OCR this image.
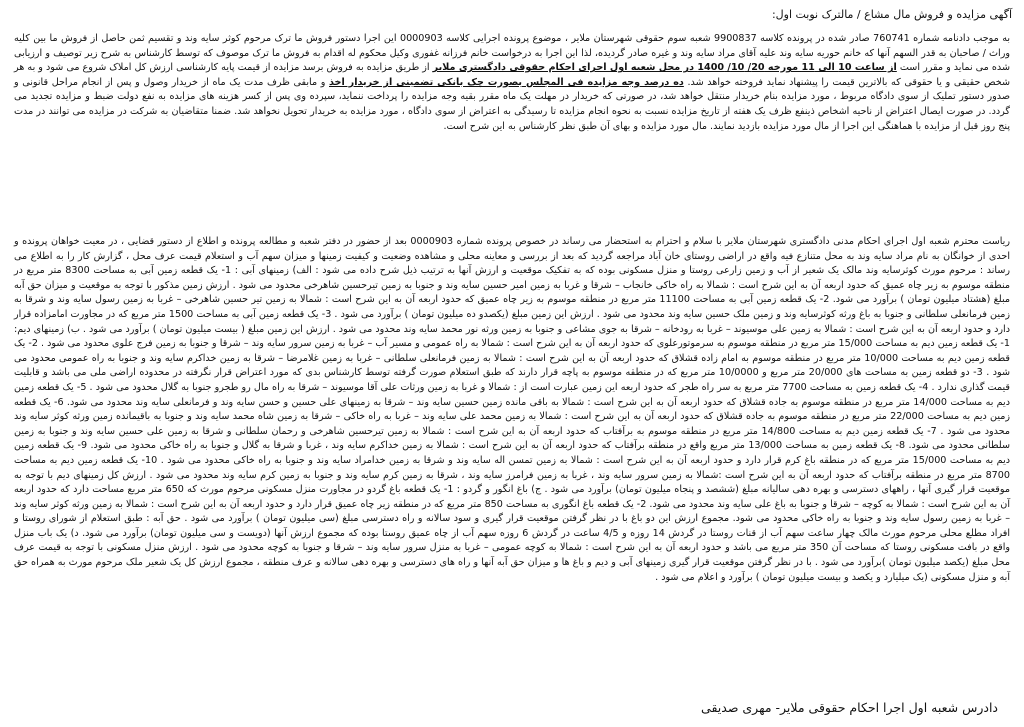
آگهی مزایده و فروش مال مشاع / مالترک نوبت اول:

به موجب دادنامه شماره 760741 صادر شده در پرونده کلاسه 9900837 شعبه سوم حقوقی شهرستان ملایر ، موضوع پرونده اجرایی کلاسه 0000903 این اجرا دستور فروش ما ترک مرحوم کوثر سایه وند و تقسیم ثمن حاصل از فروش ما بین کلیه وراث / صاحبان به قدر السهم آنها که خانم حوریه سایه وند علیه آقای مراد سایه وند و غیره صادر گردیده، لذا این اجرا به درخواست خانم فرزانه غفوری وکیل محکوم له اقدام به فروش ما ترک موصوف که توسط کارشناس به شرح زیر توصیف و ارزیابی شده می نماید و مقرر است از ساعت 10 الی 11 مورخه 20/ 10/ 1400 در محل شعبه اول اجرای احکام حقوقی دادگستری ملایر از طریق مزایده به فروش برسد مزایده از قیمت پایه کارشناسی ارزش کل املاک شروع می شود و به هر شخص حقیقی و یا حقوقی که بالاترین قیمت را پیشنهاد نماید فروخته خواهد شد. ده درصد وجه مزایده فی المجلس بصورت چک بانکی تضمینی از خریدار اخذ و مابقی ظرف مدت یک ماه از خریدار وصول و پس از انجام مراحل قانونی و صدور دستور تملیک از سوی دادگاه مربوط ، مورد مزایده بنام خریدار منتقل خواهد شد، در صورتی که خریدار در مهلت یک ماه مقرر بقیه وجه مزایده را پرداخت ننماید، سپرده وی پس از کسر هزینه های مزایده به نفع دولت ضبط و مزایده تجدید می گردد. در صورت ایصال اعتراض از ناحیه اشخاص ذینفع ظرف یک هفته از تاریخ مزایده نسبت به نحوه انجام مزایده تا رسیدگی به اعتراض از سوی دادگاه ، مورد مزایده به خریدار تحویل نخواهد شد. ضمنا متقاضیان به شرکت در مزایده می توانند در مدت پنج روز قبل از مزایده با هماهنگی این اجرا از مال مورد مزایده بازدید نمایند. مال مورد مزایده و بهای آن طبق نظر کارشناس به این شرح است.

ریاست محترم شعبه اول اجرای احکام مدنی دادگستری شهرستان ملایر با سلام و احترام به استحضار می رساند در خصوص پرونده شماره 0000903 بعد از حضور در دفتر شعبه و مطالعه پرونده و اطلاع از دستور قضایی ، در معیت خواهان پرونده و احدی از خوانگان به نام مراد سایه وند به محل متنازع فیه واقع در اراضی روستای خان آباد مراجعه گردید که بعد از بررسی و معاینه محلی و مشاهده وضعیت و کیفیت زمینها و میزان سهم آب و استعلام قیمت عرف محل ، گزارش کار را به اطلاع می رساند : مرحوم مورث کوثرسایه وند مالک یک شعیر از آب و زمین زارعی روستا و منزل مسکونی بوده که به تفکیک موقعیت و ارزش آنها به ترتیب ذیل شرح داده می شود : الف) زمینهای آبی : 1- یک قطعه زمین آبی به مساحت 8300 متر مربع در منطقه موسوم به زیر چاه عمیق که حدود اربعه آن به این شرح است : شمالا به راه خاکی خانجاب – شرقا و غربا به زمین امیر حسین سایه وند و جنوبا به زمین تیرحسین شاهرخی محدود می شود . ارزش زمین مذکور با توجه به موقعیت و میزان حق آبه مبلغ (هشتاد میلیون تومان ) برآورد می شود. 2- یک قطعه زمین آبی به مساحت 11100 متر مربع در منطقه موسوم به زیر چاه عمیق که حدود اربعه آن به این شرح است : شمالا به زمین تیر حسین شاهرخی – غربا به زمین رسول سایه وند و شرقا به زمین فرمانعلی سلطانی و جنوبا به باغ ورثه کوثرسایه وند و زمین ملک حسین سایه وند محدود می شود . ارزش این زمین مبلغ (یکصدو ده میلیون تومان ) برآورد می شود . 3- یک قطعه زمین آبی به مساحت 1500 متر مربع که در مجاورت امامزاده قرار دارد و حدود اربعه آن به این شرح است : شمالا به زمین علی موسیوند – غربا به رودخانه – شرقا به جوی مشاعی و جنوبا به زمین ورثه نور محمد سایه وند محدود می شود . ارزش این زمین مبلغ ( بیست میلیون تومان ) برآورد می شود . ب) زمینهای دیم: 1- یک قطعه زمین دیم به مساحت 15/000 متر مربع در منطقه موسوم به سرموتورعلوی که حدود اربعه آن به این شرح است : شمالا به راه عمومی و مسیر آب – غربا به زمین سرور سایه وند – شرقا و جنوبا به زمین فرج علوی محدود می شود . 2- یک قطعه زمین دیم به مساحت 10/000 متر مربع در منطقه موسوم به امام زاده قشلاق که حدود اربعه آن به این شرح است : شمالا به زمین فرمانعلی سلطانی – غربا به زمین غلامرضا – شرقا به زمین خداکرم سایه وند و جنوبا به راه عمومی محدود می شود . 3- دو قطعه زمین به مساحت های 20/000 متر مربع و 10/0000 متر مربع که در منطقه موسوم به پاچه قرار دارند که طبق استعلام صورت گرفته توسط کارشناس بدی که مورد اعتراض قرار نگرفته در محدوده اراضی ملی می باشد و قابلیت قیمت گذاری ندارد . 4- یک قطعه زمین به مساحت 7700 متر مربع به سر راه طجر که حدود اربعه این زمین عبارت است از : شمالا و غربا به زمین ورثات علی آقا موسیوند – شرقا به راه مال رو طجرو جنوبا به گلال محدود می شود . 5- یک قطعه زمین دیم به مساحت 14/000 متر مربع در منطقه موسوم به جاده قشلاق که حدود اربعه آن به این شرح است : شمالا به باقی مانده زمین حسین سایه وند – شرقا به زمینهای علی حسین و حسن سایه وند و فرمانعلی سایه وند محدود می شود. 6- یک قطعه زمین دیم به مساحت 22/000 متر مربع در منطقه موسوم به جاده قشلاق که حدود اربعه آن به این شرح است : شمالا به زمین محمد علی سایه وند – غربا به راه خاکی – شرقا به زمین شاه محمد سایه وند و جنوبا به باقیمانده زمین ورثه کوثر سایه وند محدود می شود . 7- یک قطعه زمین دیم به مساحت 14/800 متر مربع در منطقه موسوم به برآفتاب که حدود اربعه آن به این شرح است : شمالا به زمین تیرحسین شاهرخی و رحمان سلطانی و شرقا به زمین علی حسین سایه وند و جنوبا به زمین سلطانی محدود می شود. 8- یک قطعه زمین به مساحت 13/000 متر مربع واقع در منطقه برآفتاب که حدود اربعه آن به این شرح است : شمالا به زمین خداکرم سایه وند ، غربا و شرقا به گلال و جنوبا به راه خاکی محدود می شود. 9- یک قطعه زمین دیم به مساحت 15/000 متر مربع که در منطقه باغ کرم قرار دارد و حدود اربعه آن به این شرح است : شمالا به زمین تمسن اله سایه وند و شرقا به زمین خدامراد سایه وند و جنوبا به راه خاکی محدود می شود . 10- یک قطعه زمین دیم به مساحت 8700 متر مربع در منطقه برآفتاب که حدود اربعه آن به این شرح است :شمالا به زمین سرور سایه وند ، غربا به زمین فرامرز سایه وند ، شرقا به زمین کرم سایه وند و جنوبا به زمین کرم سایه وند محدود می شود . ارزش کل زمینهای دیم با توجه به موقعیت قرار گیری آنها ، راههای دسترسی و بهره دهی سالیانه مبلغ (ششصد و پنجاه میلیون تومان) برآورد می شود . ج) باغ انگور و گردو : 1- یک قطعه باغ گردو در مجاورت منزل مسکونی مرحوم مورث که 650 متر مربع مساحت دارد که حدود اربعه آن به این شرح است : شمالا به کوچه – شرقا و جنوبا به باغ علی سایه وند محدود می شود. 2- یک قطعه باغ انگوری به مساحت 850 متر مربع که در منطقه زیر چاه عمیق قرار دارد و حدود اربعه آن به این شرح است : شمالا به زمین ورثه کوثر سایه وند – غربا به زمین رسول سایه وند و جنوبا به راه خاکی محدود می شود. مجموع ارزش این دو باغ با در نظر گرفتن موقعیت قرار گیری و سود سالانه و راه دسترسی مبلغ (سی میلیون تومان ) برآورد می شود . حق آبه : طبق استعلام از شورای روستا و افراد مطلع محلی مرحوم مورث مالک چهار ساعت سهم آب از قنات روستا در گردش 14 روزه و 4/5 ساعت در گردش 6 روزه سهم آب از چاه عمیق روستا بوده که مجموع ارزش آنها (دویست و سی میلیون تومان) برآورد می شود. د) یک باب منزل واقع در بافت مسکونی روستا که مساحت آن 350 متر مربع می باشد و حدود اربعه آن به این شرح است : شمالا به کوچه عمومی – غربا به منزل سرور سایه وند – شرقا و جنوبا به کوچه محدود می شود . ارزش منزل مسکونی با توجه به قیمت عرف محل مبلغ (یکصد میلیون تومان )برآورد می شود . با در نظر گرفتن موقعیت قرار گیری زمینهای آبی و دیم و باغ ها و میزان حق آبه آنها و راه های دسترسی و بهره دهی سالانه و عرف منطقه ، مجموع ارزش کل یک شعیر ملک مرحوم مورث به همراه حق آبه و منزل مسکونی (یک میلیارد و یکصد و بیست میلیون تومان ) برآورد و اعلام می شود .

دادرس شعبه اول اجرا احکام حقوقی ملایر- مهری صدیقی
